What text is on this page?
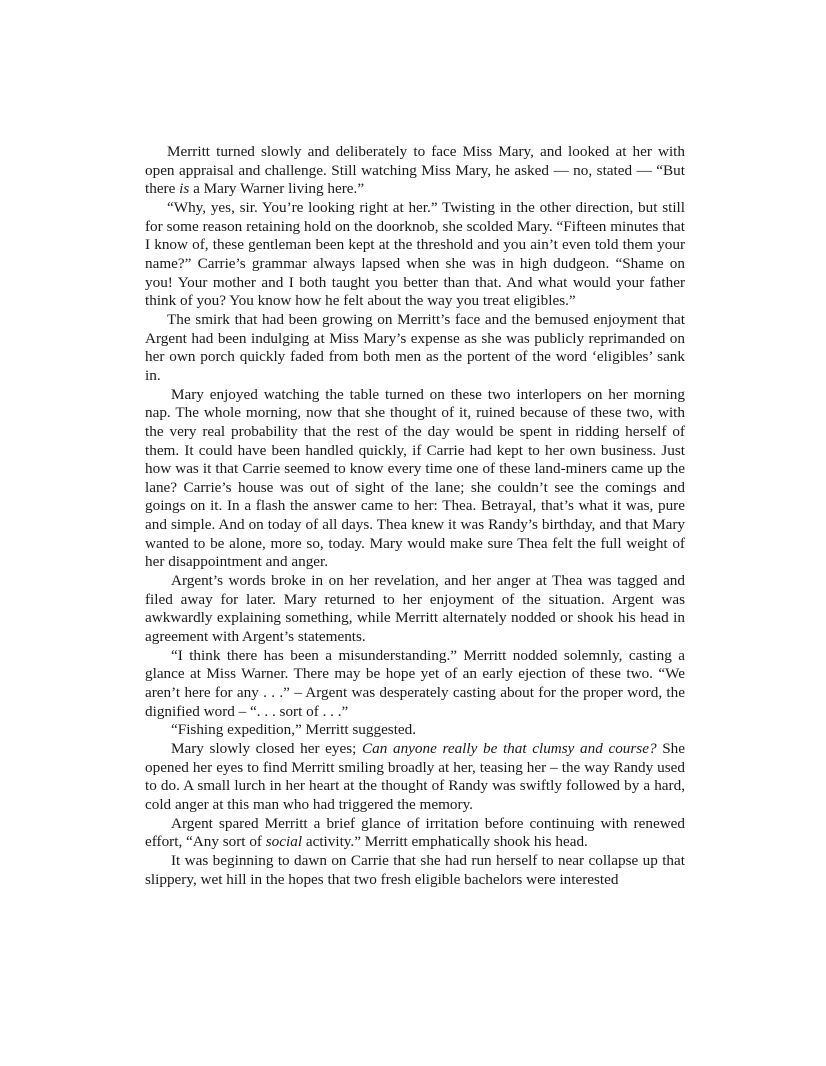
Merritt turned slowly and deliberately to face Miss Mary, and looked at her with open appraisal and challenge. Still watching Miss Mary, he asked — no, stated — “But there is a Mary Warner living here.”

“Why, yes, sir. You’re looking right at her.” Twisting in the other direction, but still for some reason retaining hold on the doorknob, she scolded Mary. “Fifteen minutes that I know of, these gentleman been kept at the threshold and you ain’t even told them your name?” Carrie’s grammar always lapsed when she was in high dudgeon. “Shame on you! Your mother and I both taught you better than that. And what would your father think of you? You know how he felt about the way you treat eligibles.”

The smirk that had been growing on Merritt’s face and the bemused enjoyment that Argent had been indulging at Miss Mary’s expense as she was publicly reprimanded on her own porch quickly faded from both men as the portent of the word ‘eligibles’ sank in.

Mary enjoyed watching the table turned on these two interlopers on her morning nap. The whole morning, now that she thought of it, ruined because of these two, with the very real probability that the rest of the day would be spent in ridding herself of them. It could have been handled quickly, if Carrie had kept to her own business. Just how was it that Carrie seemed to know every time one of these land-miners came up the lane? Carrie’s house was out of sight of the lane; she couldn’t see the comings and goings on it. In a flash the answer came to her: Thea. Betrayal, that’s what it was, pure and simple. And on today of all days. Thea knew it was Randy’s birthday, and that Mary wanted to be alone, more so, today. Mary would make sure Thea felt the full weight of her disappointment and anger.

Argent’s words broke in on her revelation, and her anger at Thea was tagged and filed away for later. Mary returned to her enjoyment of the situation. Argent was awkwardly explaining something, while Merritt alternately nodded or shook his head in agreement with Argent’s statements.

“I think there has been a misunderstanding.” Merritt nodded solemnly, casting a glance at Miss Warner. There may be hope yet of an early ejection of these two. “We aren’t here for any . . .” – Argent was desperately casting about for the proper word, the dignified word – “. . . sort of . . .”

“Fishing expedition,” Merritt suggested.

Mary slowly closed her eyes; Can anyone really be that clumsy and course? She opened her eyes to find Merritt smiling broadly at her, teasing her – the way Randy used to do. A small lurch in her heart at the thought of Randy was swiftly followed by a hard, cold anger at this man who had triggered the memory.

Argent spared Merritt a brief glance of irritation before continuing with renewed effort, “Any sort of social activity.” Merritt emphatically shook his head.

It was beginning to dawn on Carrie that she had run herself to near collapse up that slippery, wet hill in the hopes that two fresh eligible bachelors were interested
